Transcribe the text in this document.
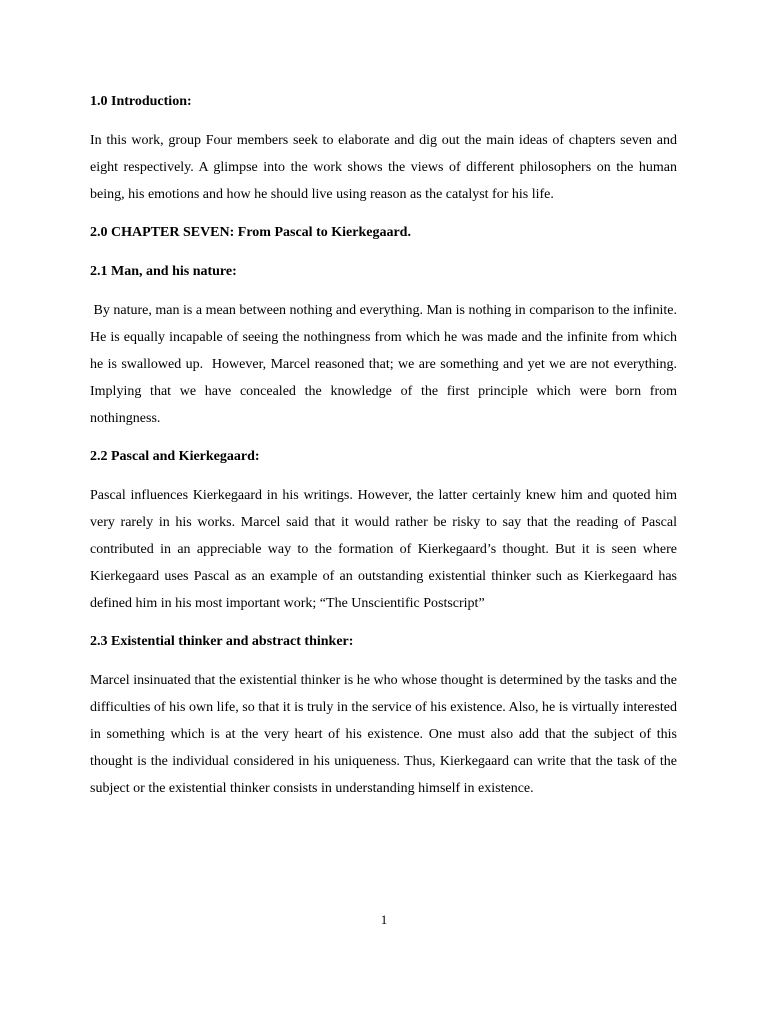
1.0 Introduction:

In this work, group Four members seek to elaborate and dig out the main ideas of chapters seven and eight respectively. A glimpse into the work shows the views of different philosophers on the human being, his emotions and how he should live using reason as the catalyst for his life.

2.0 CHAPTER SEVEN: From Pascal to Kierkegaard.
2.1 Man, and his nature:

By nature, man is a mean between nothing and everything. Man is nothing in comparison to the infinite. He is equally incapable of seeing the nothingness from which he was made and the infinite from which he is swallowed up.  However, Marcel reasoned that; we are something and yet we are not everything. Implying that we have concealed the knowledge of the first principle which were born from nothingness.

2.2 Pascal and Kierkegaard:

Pascal influences Kierkegaard in his writings. However, the latter certainly knew him and quoted him very rarely in his works. Marcel said that it would rather be risky to say that the reading of Pascal contributed in an appreciable way to the formation of Kierkegaard’s thought. But it is seen where Kierkegaard uses Pascal as an example of an outstanding existential thinker such as Kierkegaard has defined him in his most important work; “The Unscientific Postscript”

2.3 Existential thinker and abstract thinker:

Marcel insinuated that the existential thinker is he who whose thought is determined by the tasks and the difficulties of his own life, so that it is truly in the service of his existence. Also, he is virtually interested in something which is at the very heart of his existence. One must also add that the subject of this thought is the individual considered in his uniqueness. Thus, Kierkegaard can write that the task of the subject or the existential thinker consists in understanding himself in existence.

1
